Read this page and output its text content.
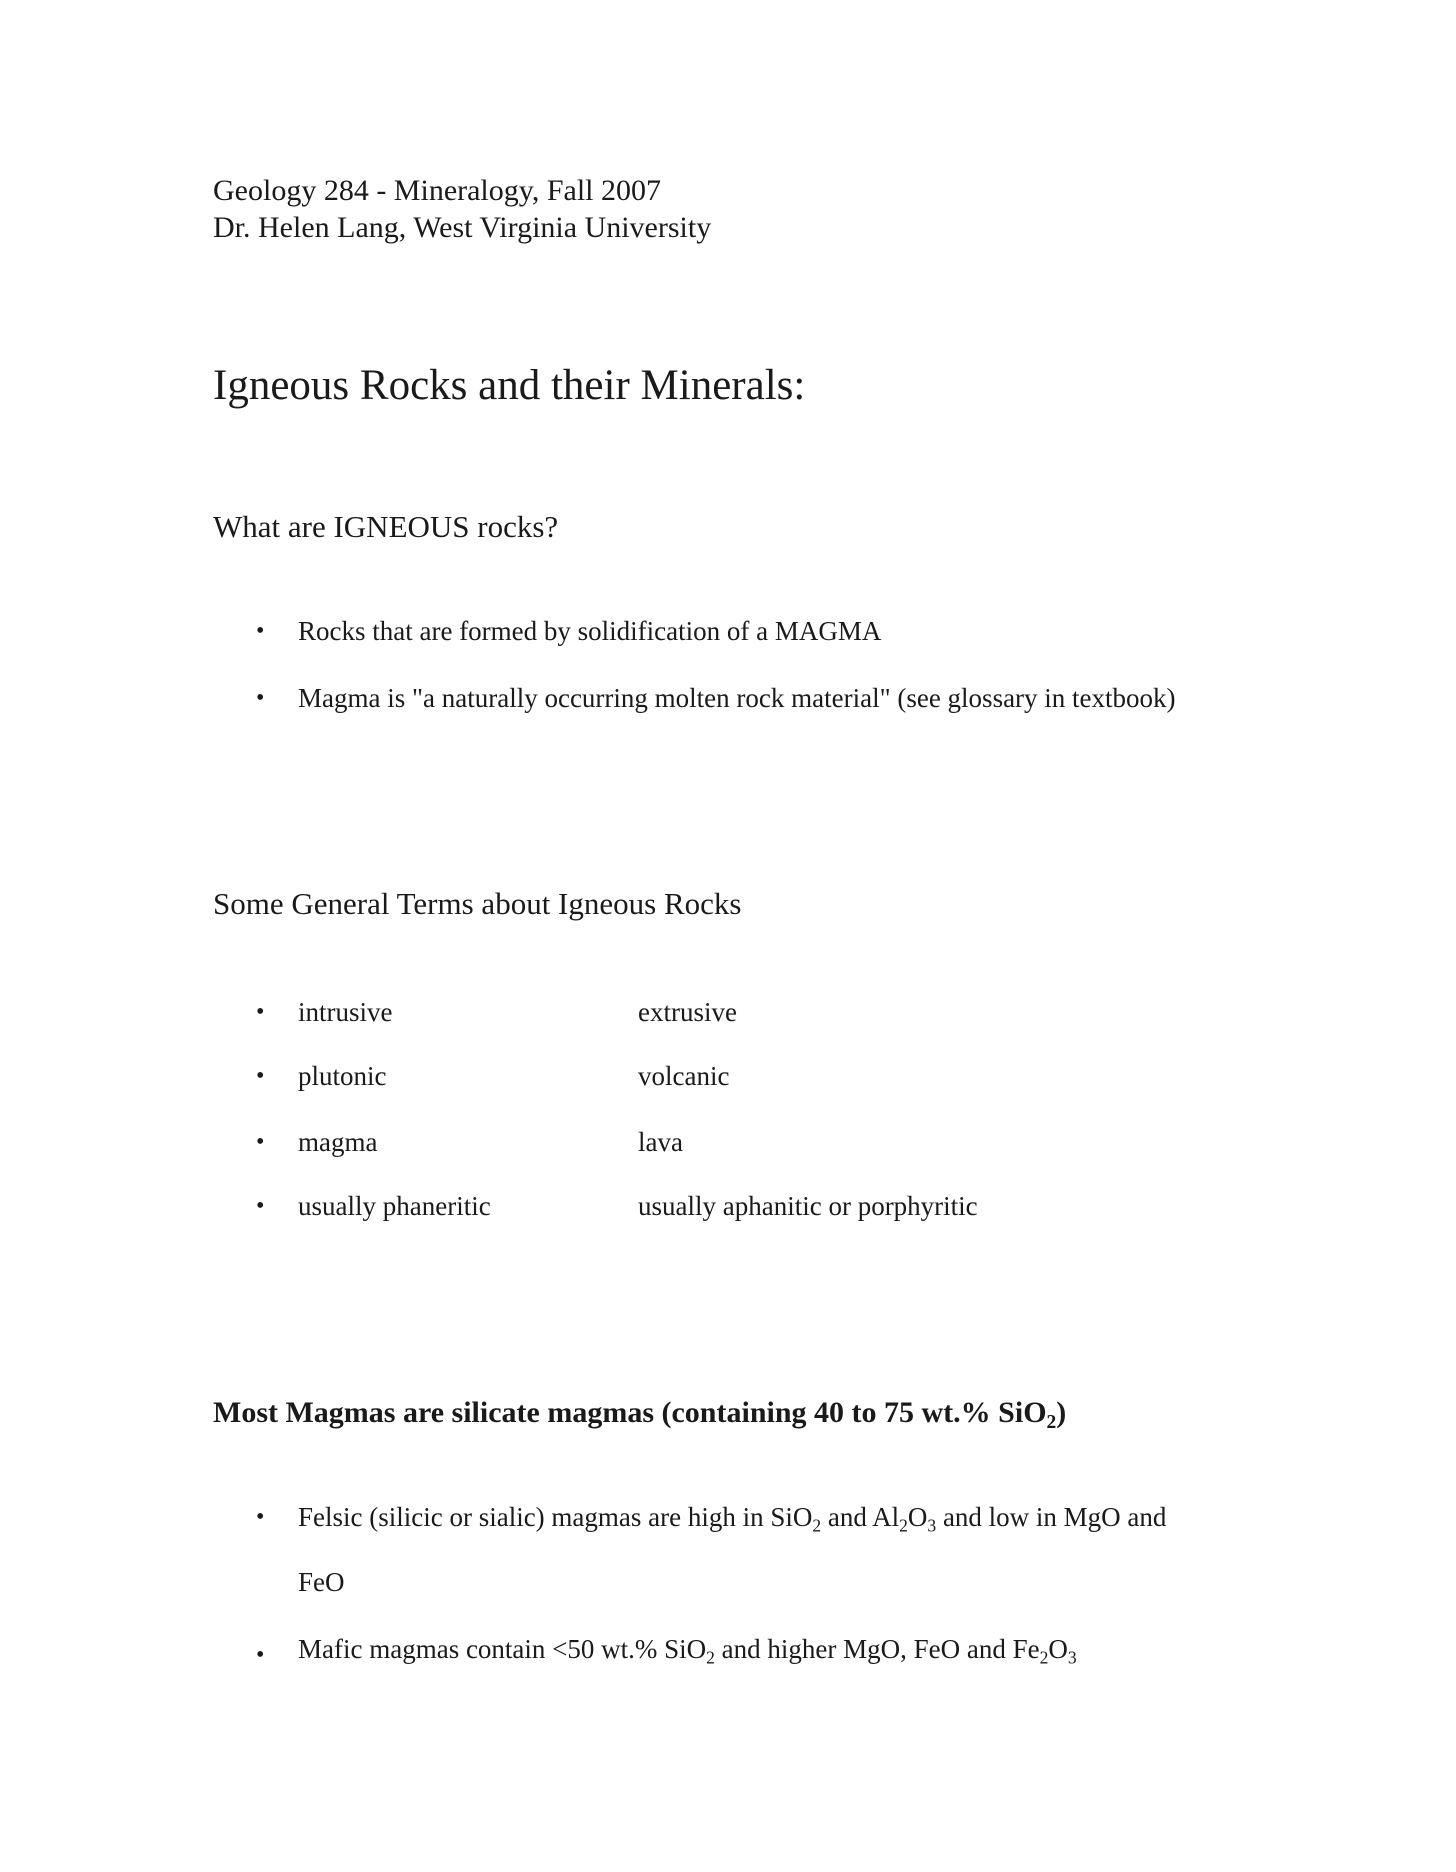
Geology 284 - Mineralogy, Fall 2007
Dr. Helen Lang, West Virginia University
Igneous Rocks and their Minerals:
What are IGNEOUS rocks?
• Rocks that are formed by solidification of a MAGMA
• Magma is "a naturally occurring molten rock material" (see glossary in textbook)
Some General Terms about Igneous Rocks
• intrusive	extrusive
• plutonic	volcanic
• magma	lava
• usually phaneritic	usually aphanitic or porphyritic
Most Magmas are silicate magmas (containing 40 to 75 wt.% SiO$_2$)
• Felsic (silicic or sialic) magmas are high in SiO$_2$ and $Al_2O_3$ and low in MgO and
FeO
• Mafic magmas contain <50 wt.% SiO$_2$ and higher MgO, FeO and $Fe_2O_3$
